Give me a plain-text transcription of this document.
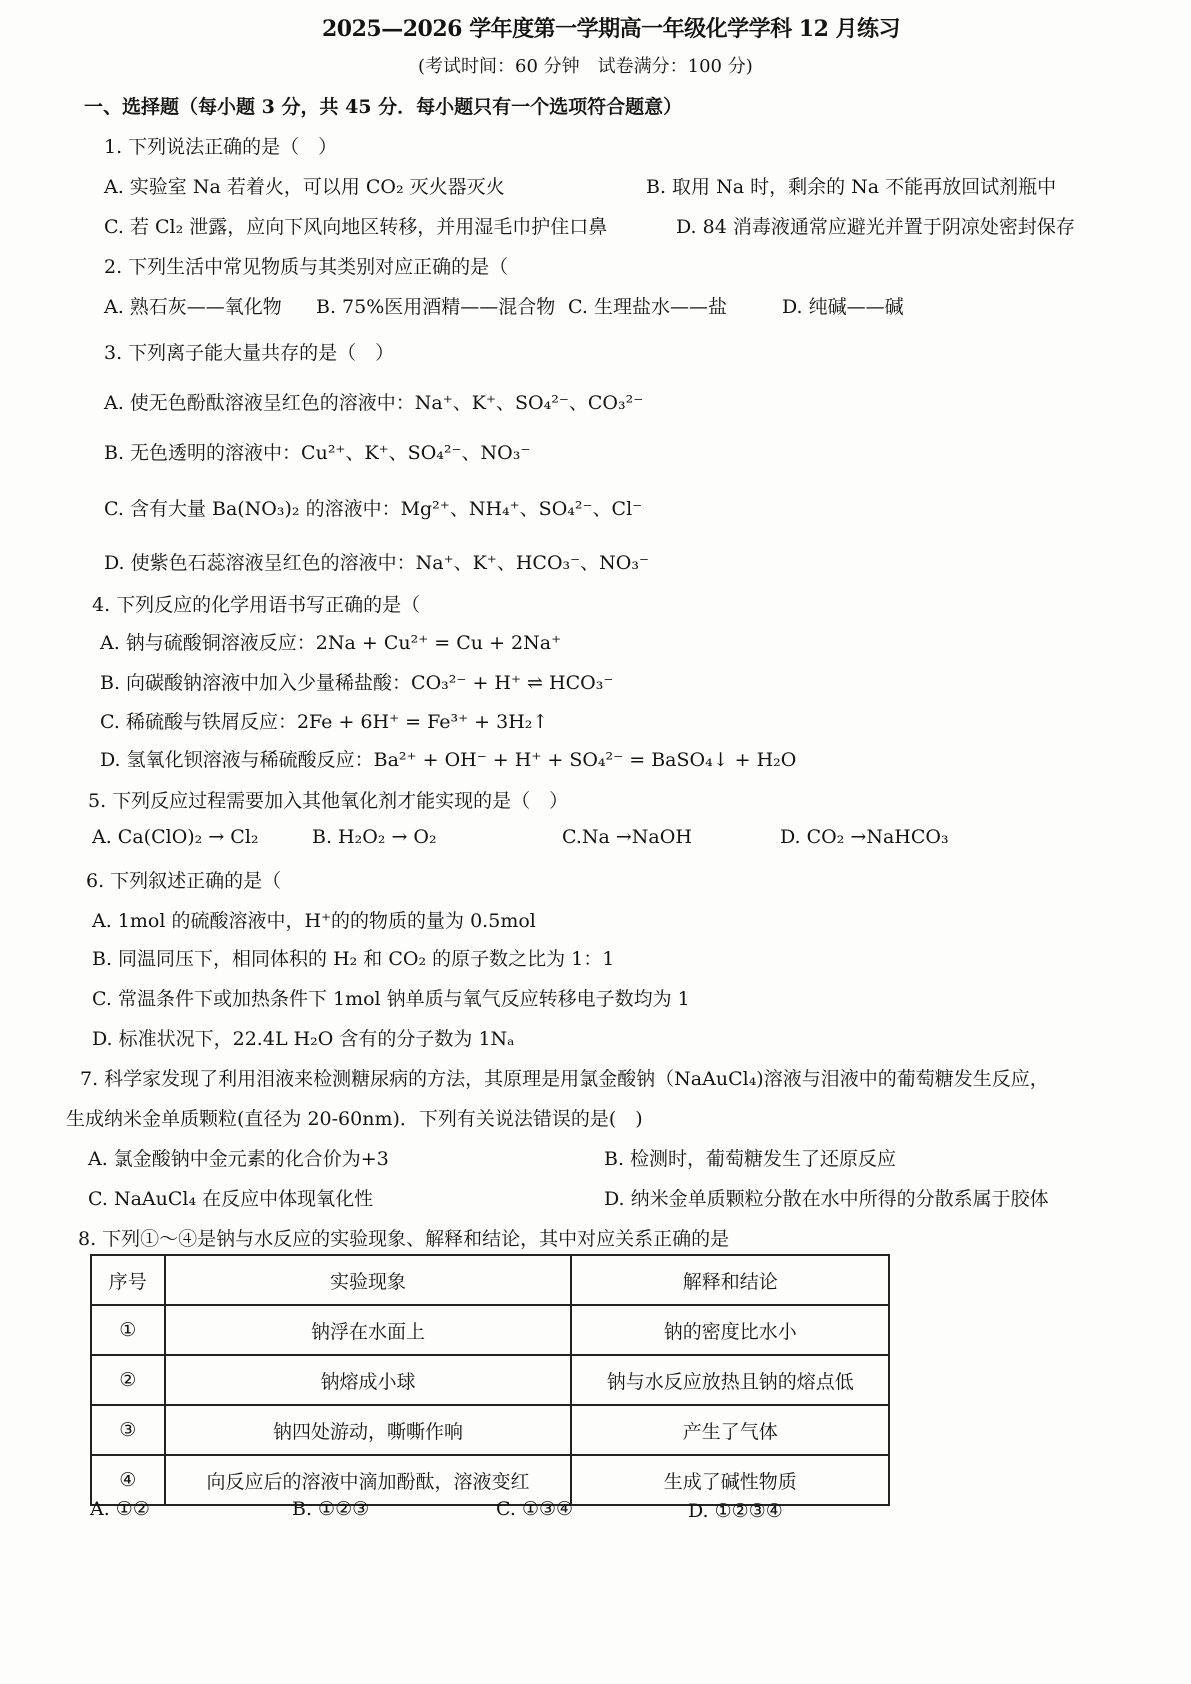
2025—2026 学年度第一学期高一年级化学学科 12 月练习
(考试时间：60 分钟　试卷满分：100 分)
一、选择题（每小题 3 分，共 45 分．每小题只有一个选项符合题意）
1. 下列说法正确的是（　）
A. 实验室 Na 若着火，可以用 CO₂ 灭火器灭火	B. 取用 Na 时，剩余的 Na 不能再放回试剂瓶中
C. 若 Cl₂ 泄露，应向下风向地区转移，并用湿毛巾护住口鼻	D. 84 消毒液通常应避光并置于阴凉处密封保存
2. 下列生活中常见物质与其类别对应正确的是（
A. 熟石灰——氧化物 B. 75%医用酒精——混合物 C. 生理盐水——盐	D. 纯碱——碱
3. 下列离子能大量共存的是（　）
A. 使无色酚酞溶液呈红色的溶液中：Na⁺、K⁺、SO₄²⁻、CO₃²⁻
B. 无色透明的溶液中：Cu²⁺、K⁺、SO₄²⁻、NO₃⁻
C. 含有大量 Ba(NO₃)₂ 的溶液中：Mg²⁺、NH₄⁺、SO₄²⁻、Cl⁻
D. 使紫色石蕊溶液呈红色的溶液中：Na⁺、K⁺、HCO₃⁻、NO₃⁻
4. 下列反应的化学用语书写正确的是（
A. 钠与硫酸铜溶液反应：2Na + Cu²⁺ = Cu + 2Na⁺
B. 向碳酸钠溶液中加入少量稀盐酸：CO₃²⁻ + H⁺ ⇌ HCO₃⁻
C. 稀硫酸与铁屑反应：2Fe + 6H⁺ = Fe³⁺ + 3H₂↑
D. 氢氧化钡溶液与稀硫酸反应：Ba²⁺ + OH⁻ + H⁺ + SO₄²⁻ = BaSO₄↓ + H₂O
5. 下列反应过程需要加入其他氧化剂才能实现的是（　）
A. Ca(ClO)₂ → Cl₂	B. H₂O₂ → O₂	C.Na →NaOH	D. CO₂ →NaHCO₃
6. 下列叙述正确的是（
A. 1mol 的硫酸溶液中，H⁺的的物质的量为 0.5mol
B. 同温同压下，相同体积的 H₂ 和 CO₂ 的原子数之比为 1：1
C. 常温条件下或加热条件下 1mol 钠单质与氧气反应转移电子数均为 1
D. 标准状况下，22.4L H₂O 含有的分子数为 1Nₐ
7. 科学家发现了利用泪液来检测糖尿病的方法，其原理是用氯金酸钠（NaAuCl₄)溶液与泪液中的葡萄糖发生反应，
生成纳米金单质颗粒(直径为 20-60nm)．下列有关说法错误的是(　)
A. 氯金酸钠中金元素的化合价为+3	B. 检测时，葡萄糖发生了还原反应
C. NaAuCl₄ 在反应中体现氧化性	D. 纳米金单质颗粒分散在水中所得的分散系属于胶体
8. 下列①～④是钠与水反应的实验现象、解释和结论，其中对应关系正确的是
序号	实验现象	解释和结论
①	钠浮在水面上	钠的密度比水小
②	钠熔成小球	钠与水反应放热且钠的熔点低
③	钠四处游动，嘶嘶作响	产生了气体
④	向反应后的溶液中滴加酚酞，溶液变红	生成了碱性物质
A. ①②	B. ①②③	C. ①③④	D. ①②③④
